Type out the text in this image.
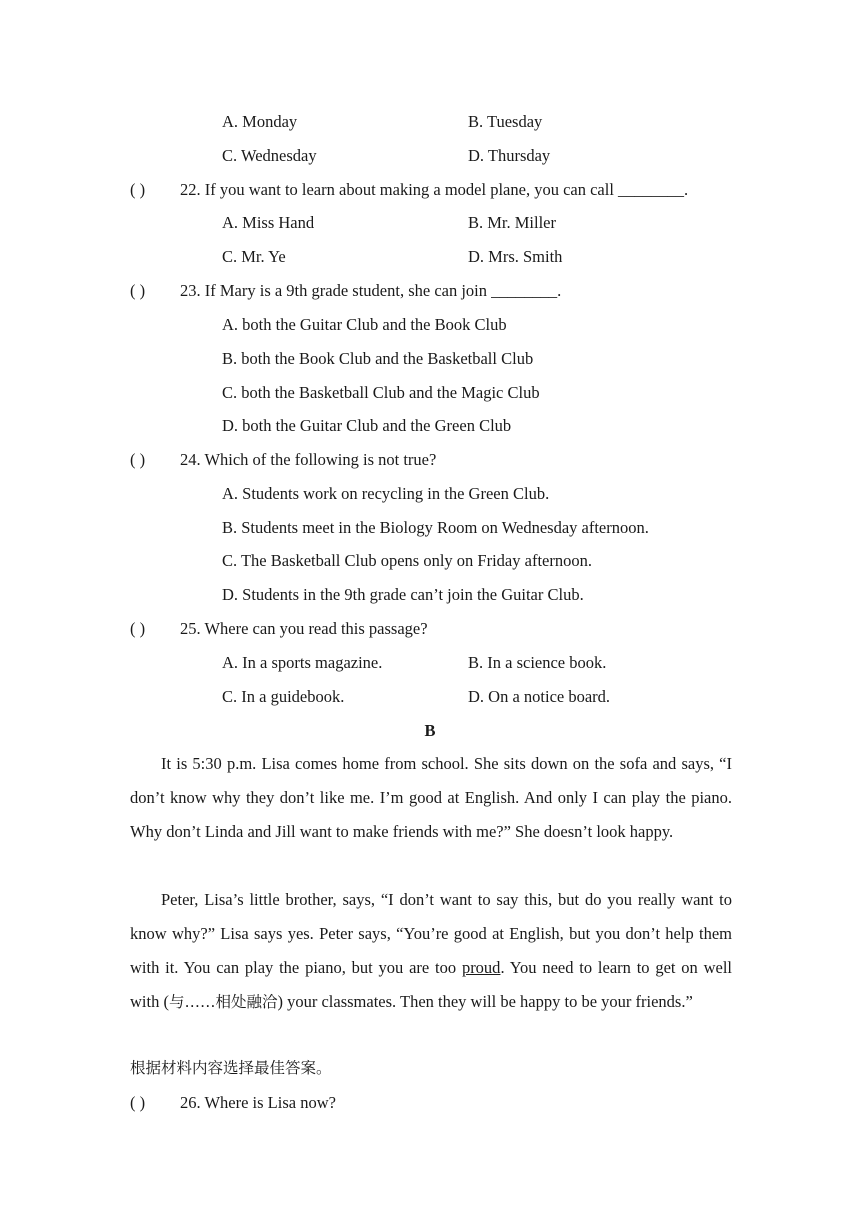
A. Monday	B. Tuesday
C. Wednesday	D. Thursday
( ) 22. If you want to learn about making a model plane, you can call ________.
A. Miss Hand	B. Mr. Miller
C. Mr. Ye	D. Mrs. Smith
( ) 23. If Mary is a 9th grade student, she can join ________.
A. both the Guitar Club and the Book Club
B. both the Book Club and the Basketball Club
C. both the Basketball Club and the Magic Club
D. both the Guitar Club and the Green Club
( ) 24. Which of the following is not true?
A. Students work on recycling in the Green Club.
B. Students meet in the Biology Room on Wednesday afternoon.
C. The Basketball Club opens only on Friday afternoon.
D. Students in the 9th grade can’t join the Guitar Club.
( ) 25. Where can you read this passage?
A. In a sports magazine.	B. In a science book.
C. In a guidebook.	D. On a notice board.
B
It is 5:30 p.m. Lisa comes home from school. She sits down on the sofa and says, “I don’t know why they don’t like me. I’m good at English. And only I can play the piano. Why don’t Linda and Jill want to make friends with me?” She doesn’t look happy.
Peter, Lisa’s little brother, says, “I don’t want to say this, but do you really want to know why?” Lisa says yes. Peter says, “You’re good at English, but you don’t help them with it. You can play the piano, but you are too proud. You need to learn to get on well with (与……相处融洽) your classmates. Then they will be happy to be your friends.”
根据材料内容选择最佳答案。
( ) 26. Where is Lisa now?
